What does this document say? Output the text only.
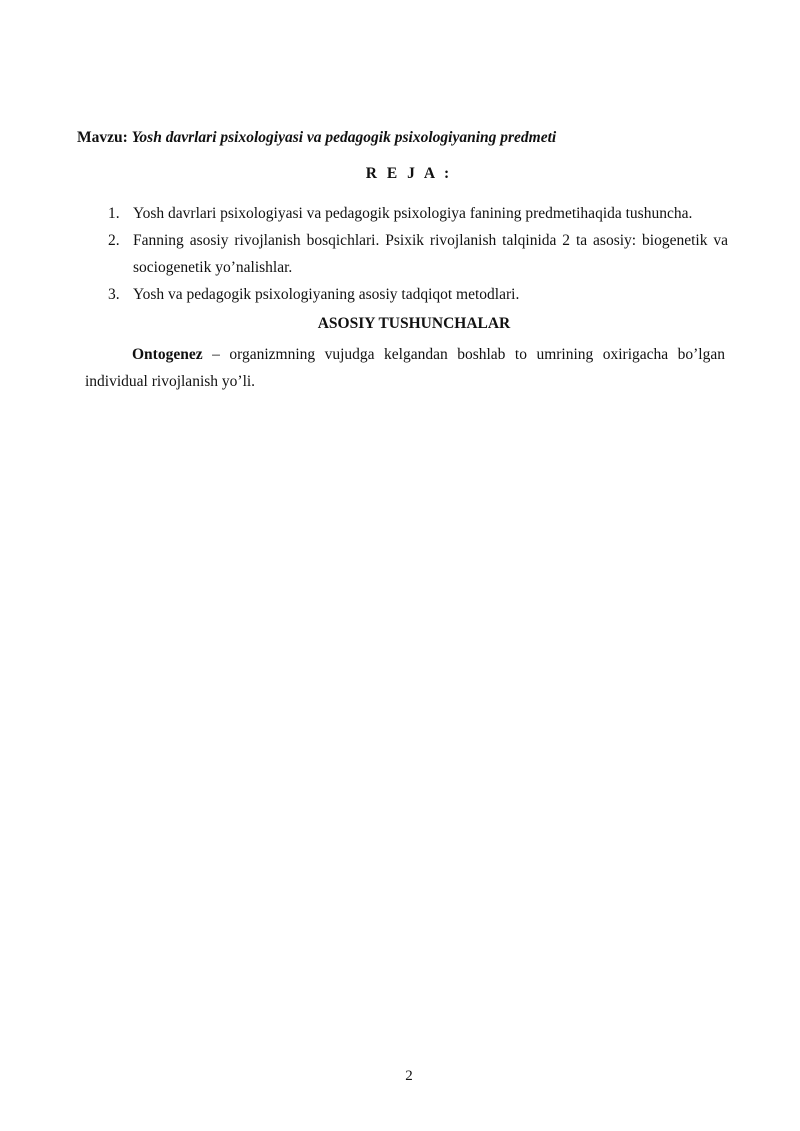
Mavzu: Yosh davrlari psixologiyasi va pedagogik psixologiyaning predmeti
R E J A :
1. Yosh davrlari psixologiyasi va pedagogik psixologiya fanining predmetihaqida tushuncha.
2. Fanning asosiy rivojlanish bosqichlari. Psixik rivojlanish talqinida 2 ta asosiy: biogenetik va sociogenetik yo’nalishlar.
3. Yosh va pedagogik psixologiyaning asosiy tadqiqot metodlari.
ASOSIY TUSHUNCHALAR

Ontogenez – organizmning vujudga kelgandan boshlab to umrining oxirigacha bo’lgan individual rivojlanish yo’li.

2
